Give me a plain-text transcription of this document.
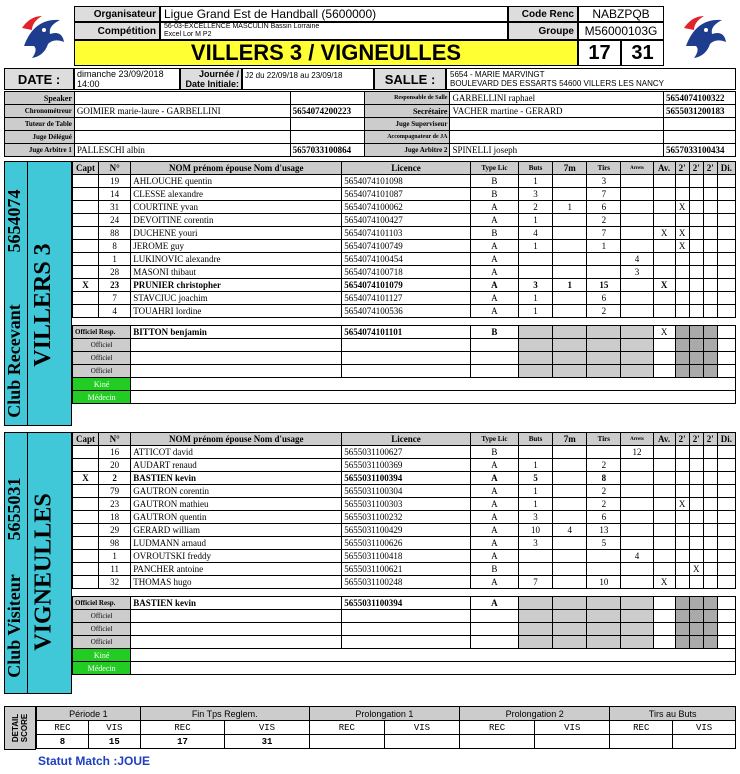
Organisateur Ligue Grand Est de Handball (5600000)	Code Renc	NABZPQB
Compétition	56-03-EXCELLENCE MASCULIN Bassin Lorraine
Excel Lor M P2	Groupe M56000103G
VILLERS 3 / VIGNEULLES	17	31
DATE :	dimanche 23/09/2018
14:00
Journée /
Date Initiale:
J2 du 22/09/18 au 23/09/18	SALLE :	5654 - MARIE MARVINGT
BOULEVARD DES ESSARTS 54600 VILLERS LES NANCY
Speaker			Responsable de Salle	GARBELLINI raphael	5654074100322
Chronométreur	GOIMIER marie-laure - GARBELLINI	5654074200223	Secrétaire	VACHER martine - GERARD	5655031200183
Tuteur de Table			Juge Superviseur		
Juge Délégué			Accompagnateur de JA		
Juge Arbitre 1	PALLESCHI albin	5657033100864	Juge Arbitre 2	SPINELLI joseph	5657033100434
5654074
Club Recevant VILLERS 3
5655031
Club Visiteur VIGNEULLES
Capt	N°	NOM prénom épouse Nom d'usage	Licence	Type Lic	Buts	7m	Tirs	Arrets	Av.	2'	2'	2'	Di.
	19	AHLOUCHE quentin	5654074101098	B	1		3						
	14	CLESSE alexandre	5654074101087	B	3		7						
	31	COURTINE yvan	5654074100062	A	2	1	6			X			
	24	DEVOITINE corentin	5654074100427	A	1		2						
	88	DUCHENE youri	5654074101103	B	4		7		X	X			
	8	JEROME guy	5654074100749	A	1		1			X			
	1	LUKINOVIC alexandre	5654074100454	A				4					
	28	MASONI thibaut	5654074100718	A				3					
X	23	PRUNIER christopher	5654074101079	A	3	1	15		X				
	7	STAVCIUC joachim	5654074101127	A	1		6						
	4	TOUAHRI lordine	5654074100536	A	1		2						

Officiel Resp.		BITTON benjamin	5654074101101	B					X				
Officiel													
Officiel													
Officiel													
Kiné													
Médecin													
Capt	N°	NOM prénom épouse Nom d'usage	Licence	Type Lic	Buts	7m	Tirs	Arrets	Av.	2'	2'	2'	Di.
	16	ATTICOT david	5655031100627	B				12					
	20	AUDART renaud	5655031100369	A	1		2						
X	2	BASTIEN kevin	5655031100394	A	5		8						
	79	GAUTRON corentin	5655031100304	A	1		2						
	23	GAUTRON mathieu	5655031100303	A	1		2			X			
	18	GAUTRON quentin	5655031100232	A	3		6						
	29	GERARD william	5655031100429	A	10	4	13						
	98	LUDMANN arnaud	5655031100626	A	3		5						
	1	OVROUTSKI freddy	5655031100418	A				4					
	11	PANCHER antoine	5655031100621	B							X		
	32	THOMAS hugo	5655031100248	A	7		10		X				

Officiel Resp.		BASTIEN kevin	5655031100394	A									
Officiel													
Officiel													
Officiel													
Kiné													
Médecin													
DETAIL SCORE
Période 1		Fin Tps Reglem.		Prolongation 1		Prolongation 2		Tirs au Buts	
REC	VIS	REC	VIS	REC	VIS	REC	VIS	REC	VIS
8	15	17	31						
Statut Match :JOUE
